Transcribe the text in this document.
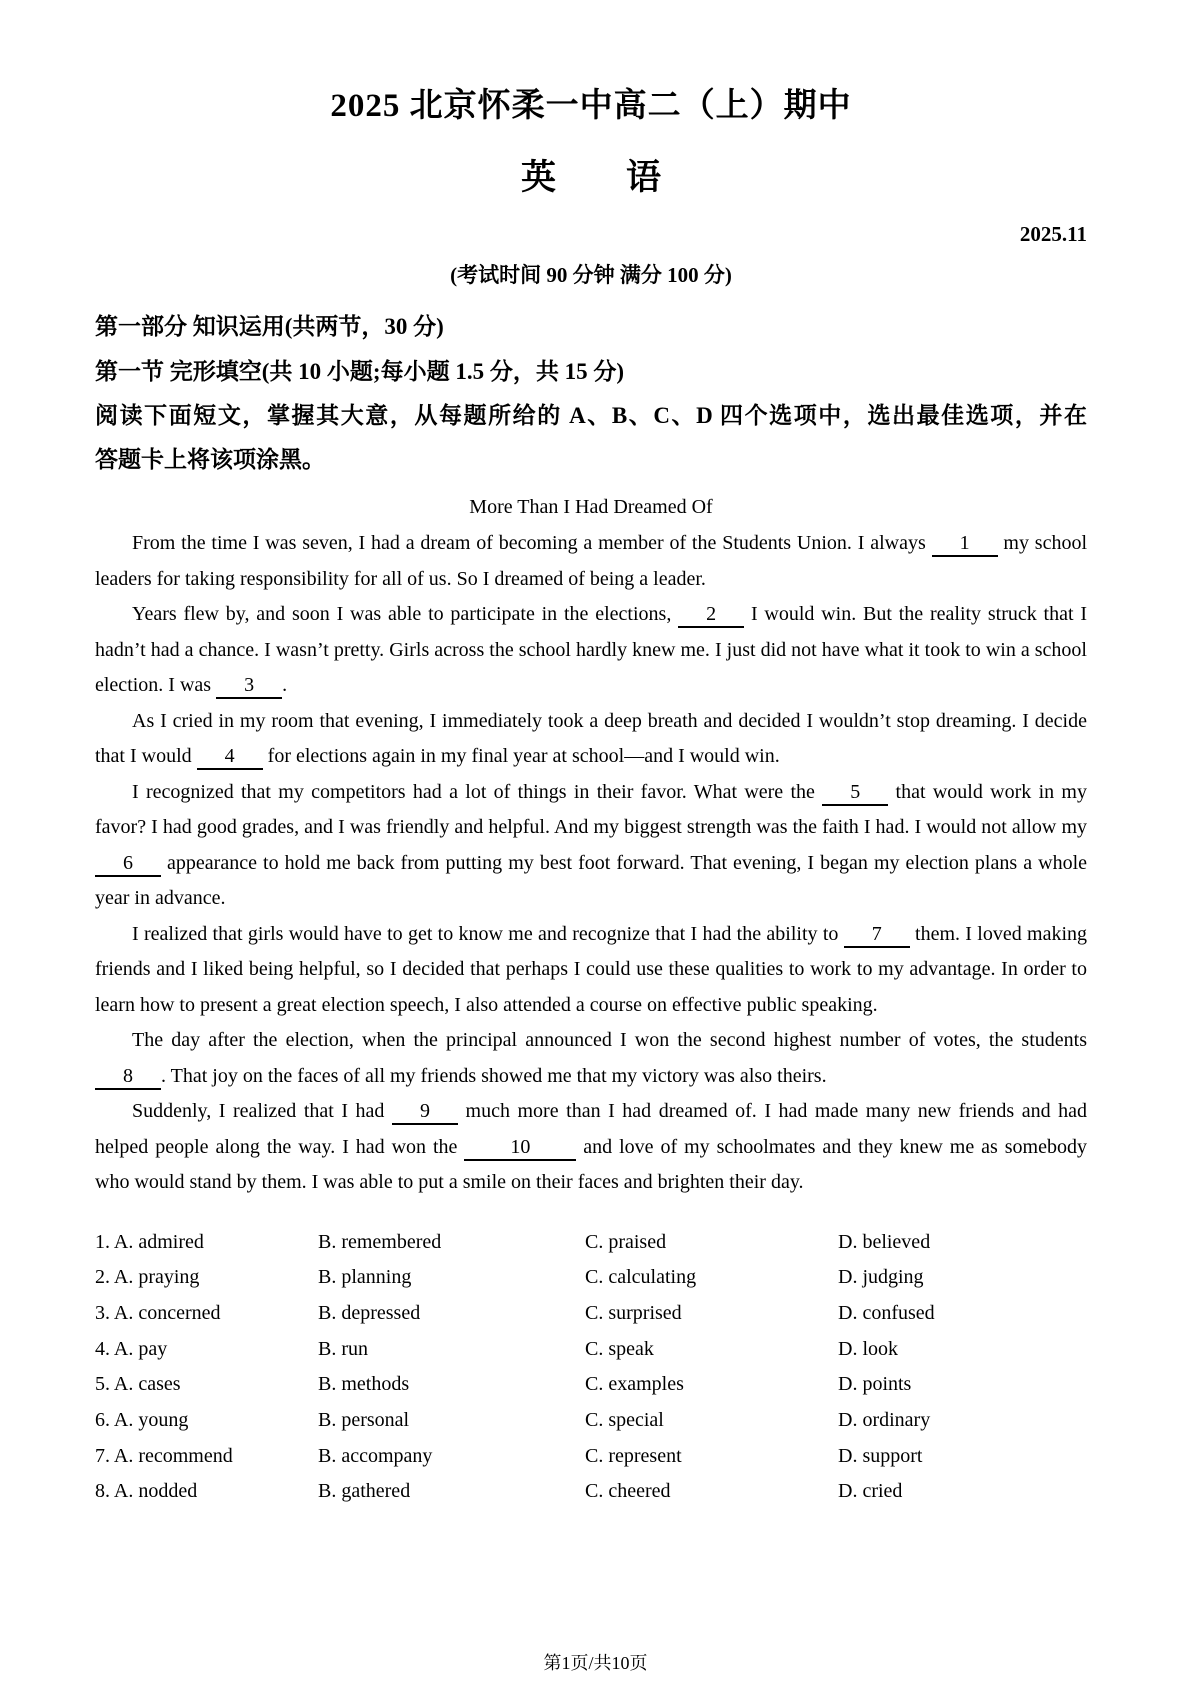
2025 北京怀柔一中高二（上）期中
英　　语
2025.11
(考试时间 90 分钟 满分 100 分)
第一部分 知识运用(共两节，30 分)
第一节 完形填空(共 10 小题;每小题 1.5 分，共 15 分)
阅读下面短文，掌握其大意，从每题所给的 A、B、C、D 四个选项中，选出最佳选项，并在
答题卡上将该项涂黑。
More Than I Had Dreamed Of

From the time I was seven, I had a dream of becoming a member of the Students Union. I always 1 my school leaders for taking responsibility for all of us. So I dreamed of being a leader.

Years flew by, and soon I was able to participate in the elections, 2 I would win. But the reality struck that I hadn’t had a chance. I wasn’t pretty. Girls across the school hardly knew me. I just did not have what it took to win a school election. I was 3 .

As I cried in my room that evening, I immediately took a deep breath and decided I wouldn’t stop dreaming. I decide that I would 4 for elections again in my final year at school—and I would win.

I recognized that my competitors had a lot of things in their favor. What were the 5 that would work in my favor? I had good grades, and I was friendly and helpful. And my biggest strength was the faith I had. I would not allow my 6 appearance to hold me back from putting my best foot forward. That evening, I began my election plans a whole year in advance.

I realized that girls would have to get to know me and recognize that I had the ability to 7 them. I loved making friends and I liked being helpful, so I decided that perhaps I could use these qualities to work to my advantage. In order to learn how to present a great election speech, I also attended a course on effective public speaking.

The day after the election, when the principal announced I won the second highest number of votes, the students 8 . That joy on the faces of all my friends showed me that my victory was also theirs.

Suddenly, I realized that I had 9 much more than I had dreamed of. I had made many new friends and had helped people along the way. I had won the 10 and love of my schoolmates and they knew me as somebody who would stand by them. I was able to put a smile on their faces and brighten their day.

1. A. admired	B. remembered	C. praised	D. believed
2. A. praying	B. planning	C. calculating	D. judging
3. A. concerned	B. depressed	C. surprised	D. confused
4. A. pay	B. run	C. speak	D. look
5. A. cases	B. methods	C. examples	D. points
6. A. young	B. personal	C. special	D. ordinary
7. A. recommend	B. accompany	C. represent	D. support
8. A. nodded	B. gathered	C. cheered	D. cried
第1页/共10页
